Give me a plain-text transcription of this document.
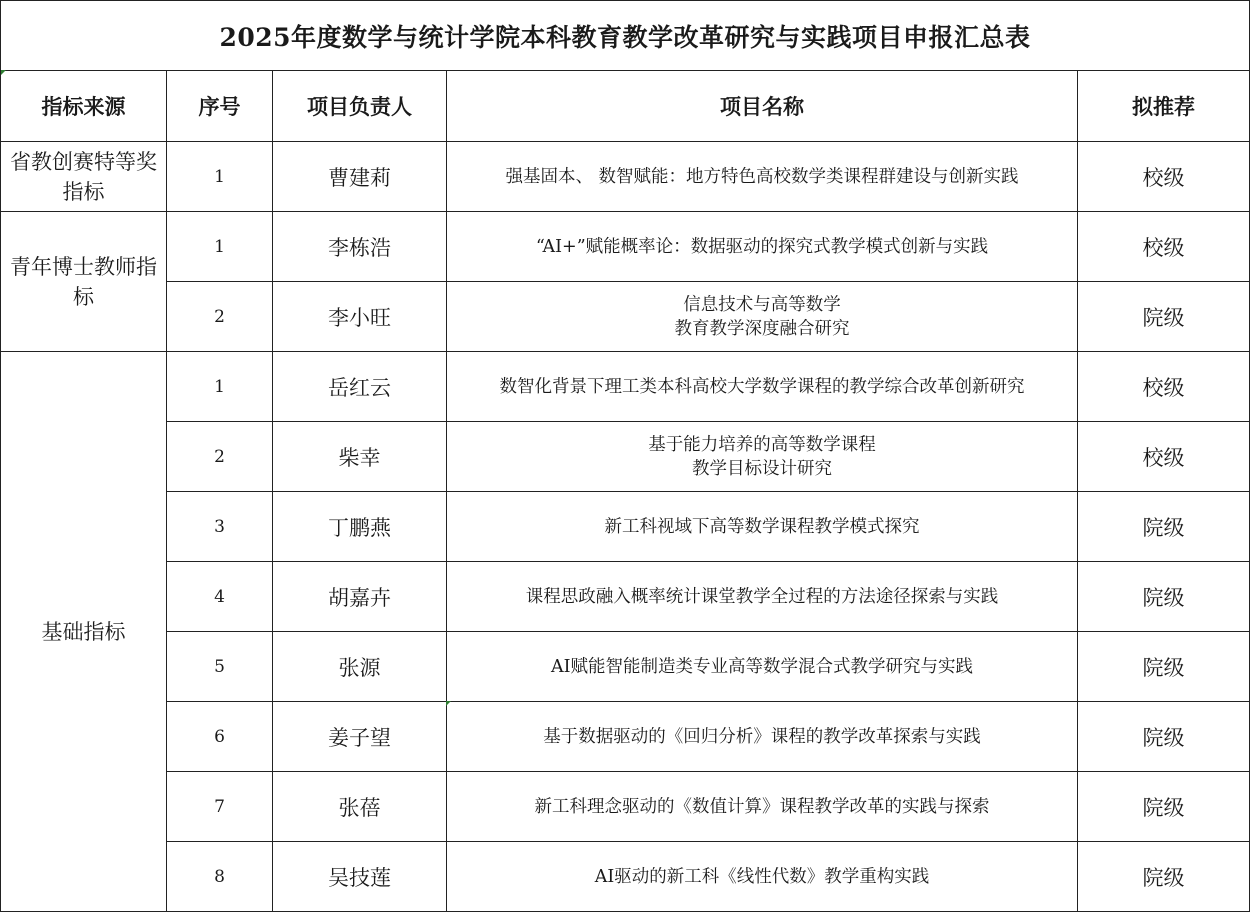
2025年度数学与统计学院本科教育教学改革研究与实践项目申报汇总表				
指标来源	序号	项目负责人	项目名称	拟推荐
省教创赛特等奖指标	1	曹建莉	强基固本、 数智赋能：地方特色高校数学类课程群建设与创新实践	校级
青年博士教师指标	1	李栋浩	“AI+”赋能概率论：数据驱动的探究式教学模式创新与实践	校级
	2	李小旺	信息技术与高等数学
教育教学深度融合研究	院级
基础指标	1	岳红云	数智化背景下理工类本科高校大学数学课程的教学综合改革创新研究	校级
	2	柴幸	基于能力培养的高等数学课程
教学目标设计研究	校级
	3	丁鹏燕	新工科视域下高等数学课程教学模式探究	院级
	4	胡嘉卉	课程思政融入概率统计课堂教学全过程的方法途径探索与实践	院级
	5	张源	AI赋能智能制造类专业高等数学混合式教学研究与实践	院级
	6	姜子望	基于数据驱动的《回归分析》课程的教学改革探索与实践	院级
	7	张蓓	新工科理念驱动的《数值计算》课程教学改革的实践与探索	院级
	8	吴技莲	AI驱动的新工科《线性代数》教学重构实践	院级
